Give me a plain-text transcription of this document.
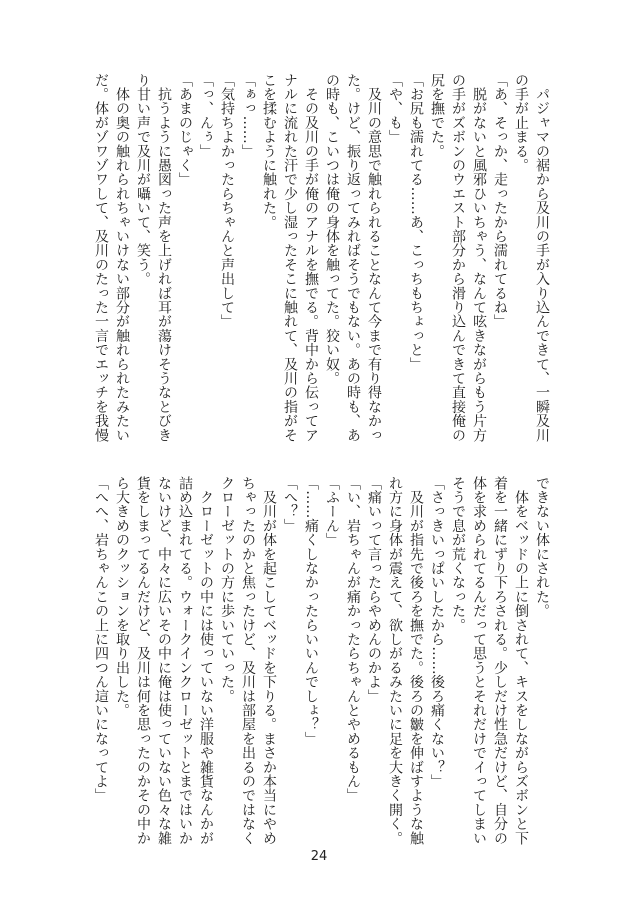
　パジャマの裾から及川の手が入り込んできて、一瞬及川
の手が止まる。
「あ、そっか、走ったから濡れてるね」
　脱がないと風邪ひいちゃう、なんて呟きながらもう片方
の手がズボンのウエスト部分から滑り込んできて直接俺の
尻を撫でた。
「お尻も濡れてる……あ、こっちもちょっと」
「や、も」
　及川の意思で触れられることなんて今まで有り得なかっ
た。けど、振り返ってみればそうでもない。あの時も、あ
の時も、こいつは俺の身体を触ってた。狡い奴。
　その及川の手が俺のアナルを撫でる。背中から伝ってア
ナルに流れた汗で少し湿ったそこに触れて、及川の指がそ
こを揉むように触れた。
「ぁっ……」
「気持ちよかったらちゃんと声出して」
「っ、んぅ」
「あまのじゃく」
　抗うように愚図った声を上げれば耳が蕩けそうなとびき
り甘い声で及川が囁いて、笑う。
　体の奥の触れられちゃいけない部分が触れられたみたい
だ。体がゾワゾワして、及川のたった一言でエッチを我慢
できない体にされた。
　体をベッドの上に倒されて、キスをしながらズボンと下
着を一緒にずり下ろされる。少しだけ性急だけど、自分の
体を求められてるんだって思うとそれだけでイってしまい
そうで息が荒くなった。
「さっきいっぱいしたから……後ろ痛くない？」
　及川が指先で後ろを撫でた。後ろの皺を伸ばすような触
れ方に身体が震えて、欲しがるみたいに足を大きく開く。
「痛いって言ったらやめんのかよ」
「い、岩ちゃんが痛かったらちゃんとやめるもん」
「ふーん」
「……痛くしなかったらいいんでしょ？」
「へ？」
　及川が体を起こしてベッドを下りる。まさか本当にやめ
ちゃったのかと焦ったけど、及川は部屋を出るのではなく
クローゼットの方に歩いていった。
　クローゼットの中には使っていない洋服や雑貨なんかが
詰め込まれてる。ウォークインクローゼットとまではいか
ないけど、中々に広いその中に俺は使っていない色々な雑
貨をしまってるんだけど、及川は何を思ったのかその中か
ら大きめのクッションを取り出した。
「へへ、岩ちゃんこの上に四つん這いになってよ」
24
